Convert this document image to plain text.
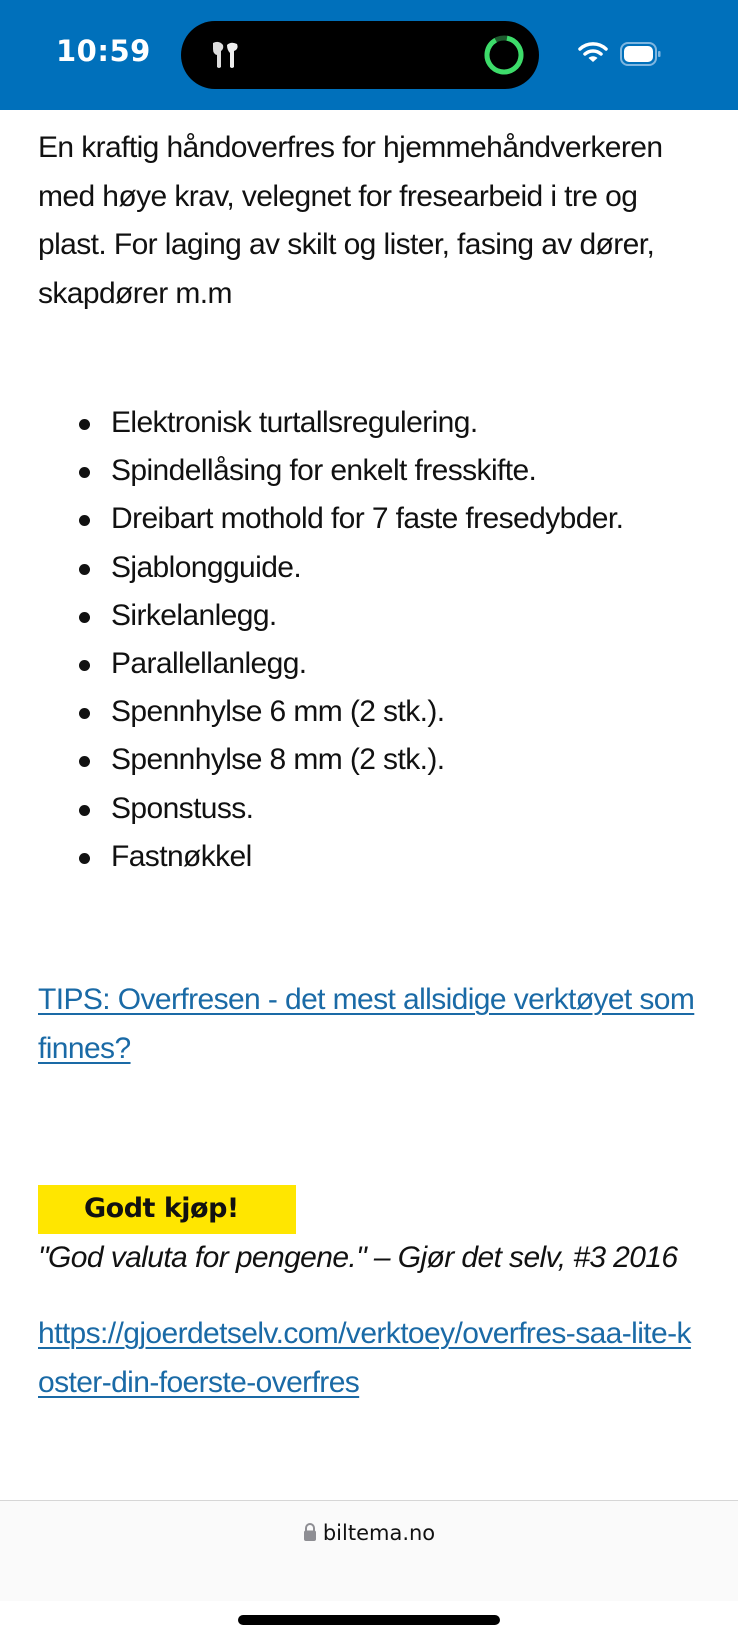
10:59

En kraftig håndoverfres for hjemmehåndverkeren med høye krav, velegnet for fresearbeid i tre og plast. For laging av skilt og lister, fasing av dører, skapdører m.m

Elektronisk turtallsregulering.
Spindellåsing for enkelt fresskifte.
Dreibart mothold for 7 faste fresedybder.
Sjablongguide.
Sirkelanlegg.
Parallellanlegg.
Spennhylse 6 mm (2 stk.).
Spennhylse 8 mm (2 stk.).
Sponstuss.
Fastnøkkel
TIPS: Overfresen - det mest allsidige verktøyet som finnes?
Godt kjøp!
"God valuta for pengene." – Gjør det selv, #3 2016
https://gjoerdetselv.com/verktoey/overfres-saa-lite-koster-din-foerste-overfres
biltema.no
